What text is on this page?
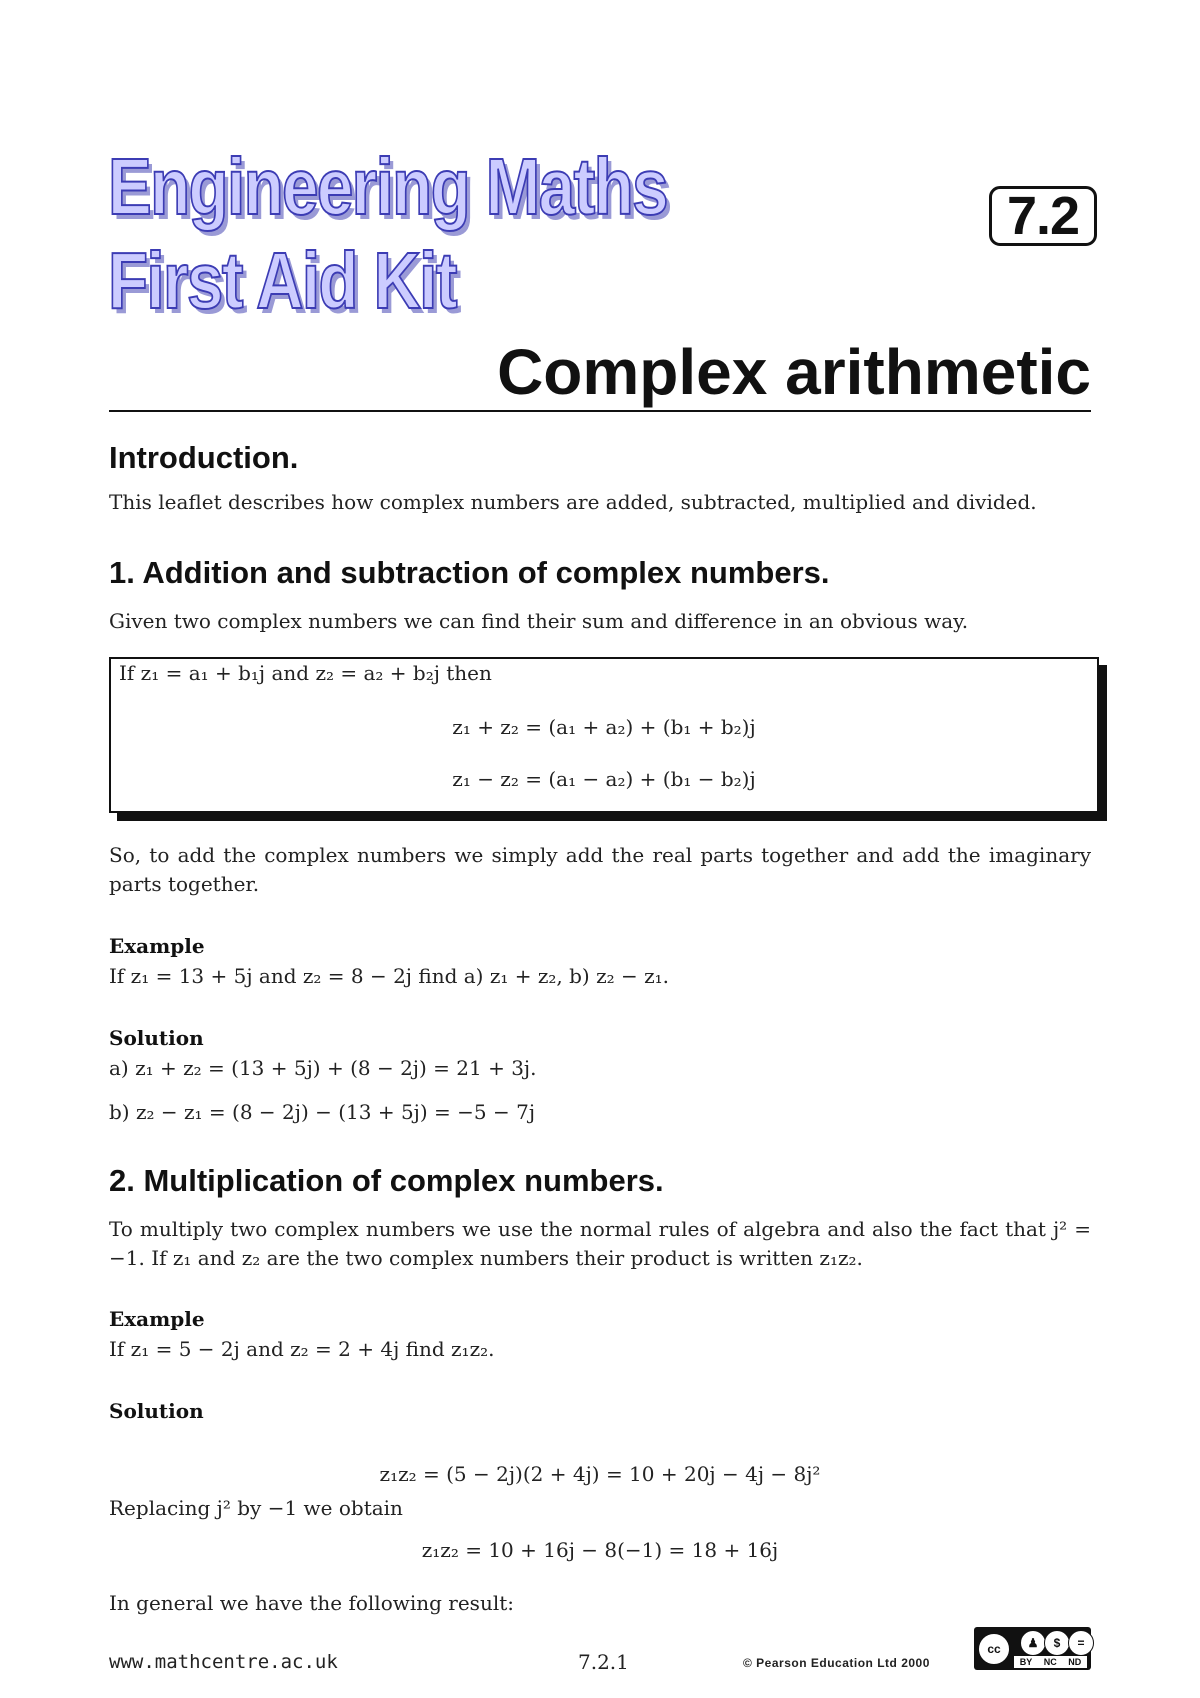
Engineering Maths
First Aid Kit
7.2
Complex arithmetic
Introduction.
This leaflet describes how complex numbers are added, subtracted, multiplied and divided.
1. Addition and subtraction of complex numbers.
Given two complex numbers we can find their sum and difference in an obvious way.
If z₁ = a₁ + b₁j and z₂ = a₂ + b₂j then
z₁ + z₂ = (a₁ + a₂) + (b₁ + b₂)j
z₁ − z₂ = (a₁ − a₂) + (b₁ − b₂)j
So, to add the complex numbers we simply add the real parts together and add the imaginary parts together.
Example
If z₁ = 13 + 5j and z₂ = 8 − 2j find a) z₁ + z₂, b) z₂ − z₁.
Solution
a) z₁ + z₂ = (13 + 5j) + (8 − 2j) = 21 + 3j.
b) z₂ − z₁ = (8 − 2j) − (13 + 5j) = −5 − 7j
2. Multiplication of complex numbers.
To multiply two complex numbers we use the normal rules of algebra and also the fact that j² = −1. If z₁ and z₂ are the two complex numbers their product is written z₁z₂.
Example
If z₁ = 5 − 2j and z₂ = 2 + 4j find z₁z₂.
Solution
z₁z₂ = (5 − 2j)(2 + 4j) = 10 + 20j − 4j − 8j²
Replacing j² by −1 we obtain
z₁z₂ = 10 + 16j − 8(−1) = 18 + 16j
In general we have the following result:
www.mathcentre.ac.uk	7.2.1	© Pearson Education Ltd 2000
cc	♟	$	=
BY NC ND
